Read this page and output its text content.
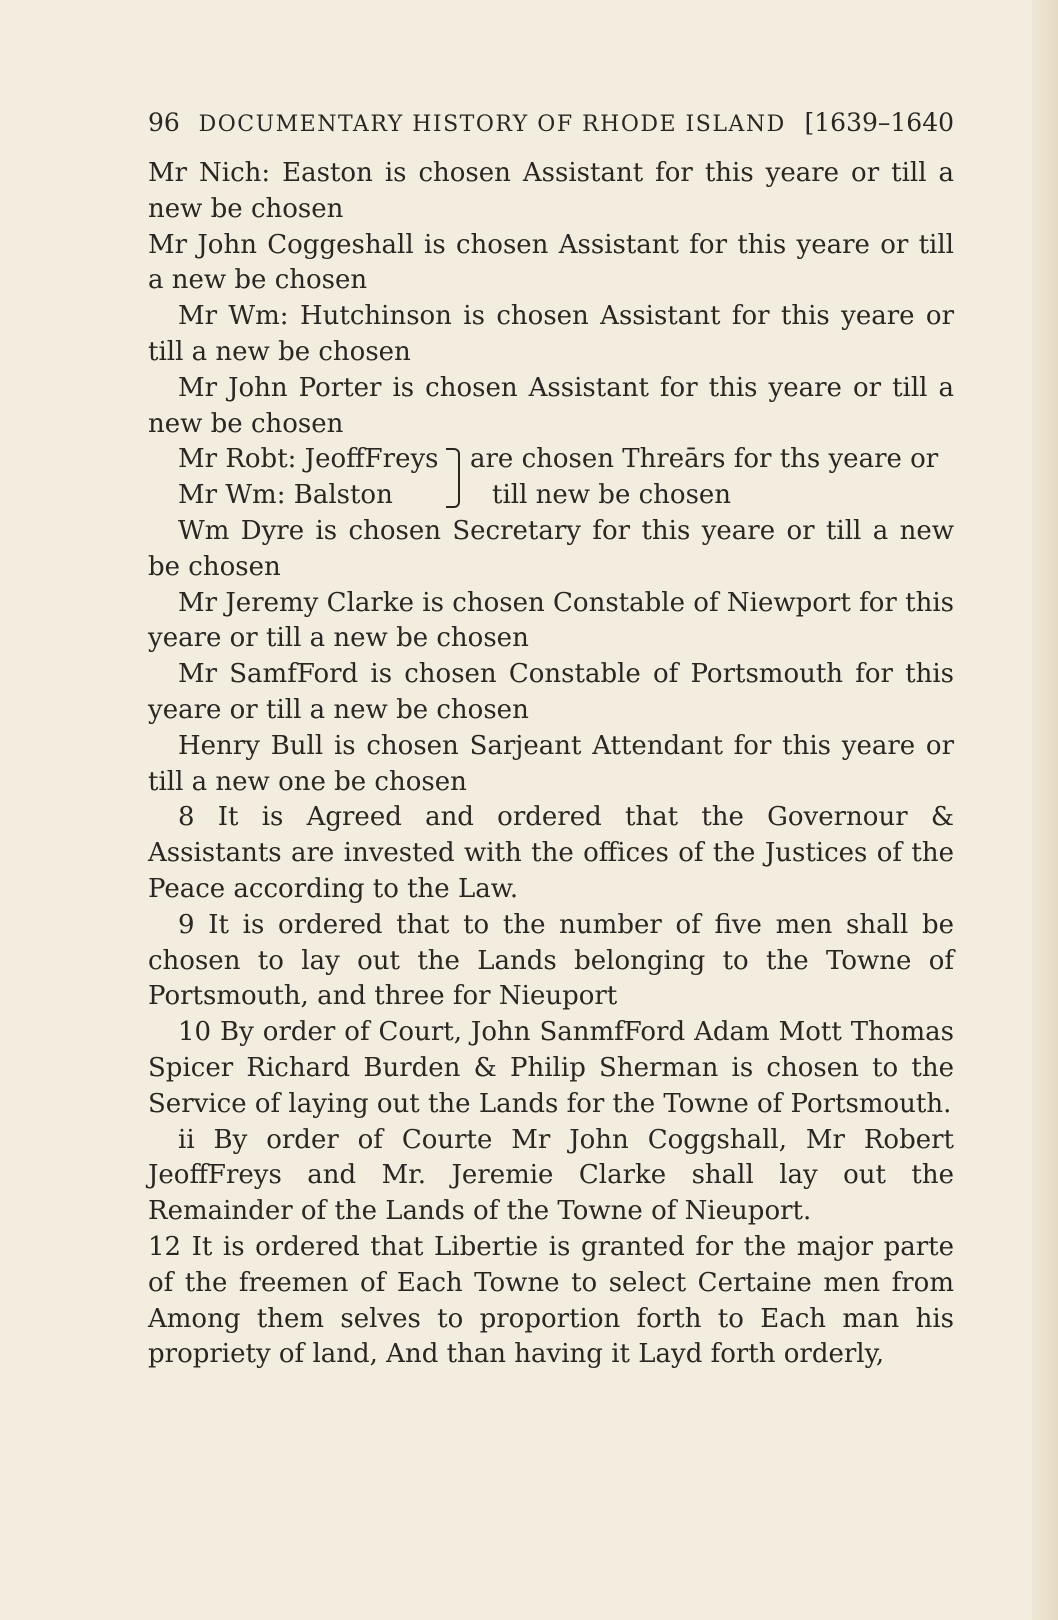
96 DOCUMENTARY HISTORY OF RHODE ISLAND [1639–1640

Mr Nich: Easton is chosen Assistant for this yeare or till a new be chosen

Mr John Coggeshall is chosen Assistant for this yeare or till a new be chosen

Mr Wm: Hutchinson is chosen Assistant for this yeare or till a new be chosen

Mr John Porter is chosen Assistant for this yeare or till a new be chosen

Mr Robt: JeoffFreys
Mr Wm: Balston
are chosen Threārs for ths yeare or
till new be chosen

Wm Dyre is chosen Secretary for this yeare or till a new be chosen

Mr Jeremy Clarke is chosen Constable of Niewport for this yeare or till a new be chosen

Mr SamfFord is chosen Constable of Portsmouth for this yeare or till a new be chosen

Henry Bull is chosen Sarjeant Attendant for this yeare or till a new one be chosen

8 It is Agreed and ordered that the Governour & Assistants are invested with the offices of the Justices of the Peace according to the Law.

9 It is ordered that to the number of five men shall be chosen to lay out the Lands belonging to the Towne of Portsmouth, and three for Nieuport

10 By order of Court, John SanmfFord Adam Mott Thomas Spicer Richard Burden & Philip Sherman is chosen to the Service of laying out the Lands for the Towne of Portsmouth.

ii By order of Courte Mr John Coggshall, Mr Robert JeoffFreys and Mr. Jeremie Clarke shall lay out the Remainder of the Lands of the Towne of Nieuport.

12 It is ordered that Libertie is granted for the major parte of the freemen of Each Towne to select Certaine men from Among them selves to proportion forth to Each man his propriety of land, And than having it Layd forth orderly,
